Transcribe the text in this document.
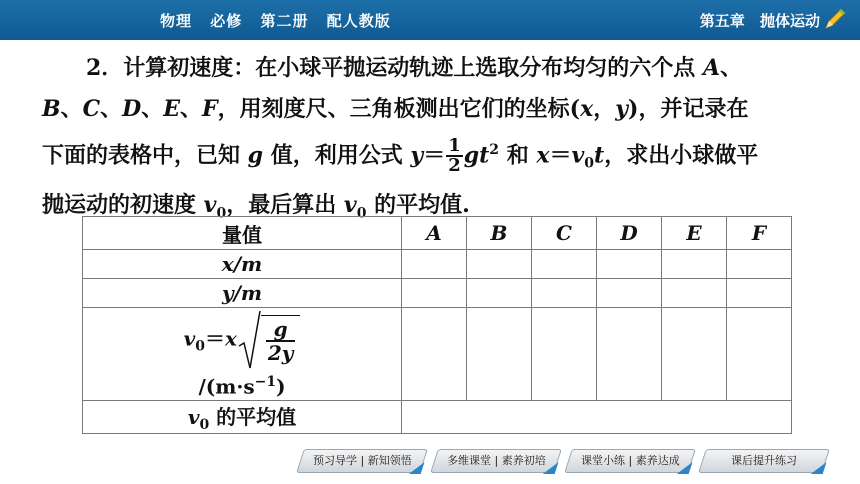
物理 必修 第二册 配人教版	第五章 抛体运动
2．计算初速度：在小球平抛运动轨迹上选取分布均匀的六个点 A、
B、C、D、E、F，用刻度尺、三角板测出它们的坐标(x，y)，并记录在
下面的表格中，已知 g 值，利用公式 $y= \frac{1}{2} gt^2$ 和 $x=v_0t$，求出小球做平
抛运动的初速度 $v_0$，最后算出 $v_0$ 的平均值.
量值	A	B	C	D	E	F
x/m						
y/m						
$v_0=x \frac{g}{2y}$
$/(m\cdot s^{-1})$						

$v_0$ 的平均值						
预习导学 | 新知领悟	多维课堂 | 素养初培	课堂小练 | 素养达成	课后提升练习
